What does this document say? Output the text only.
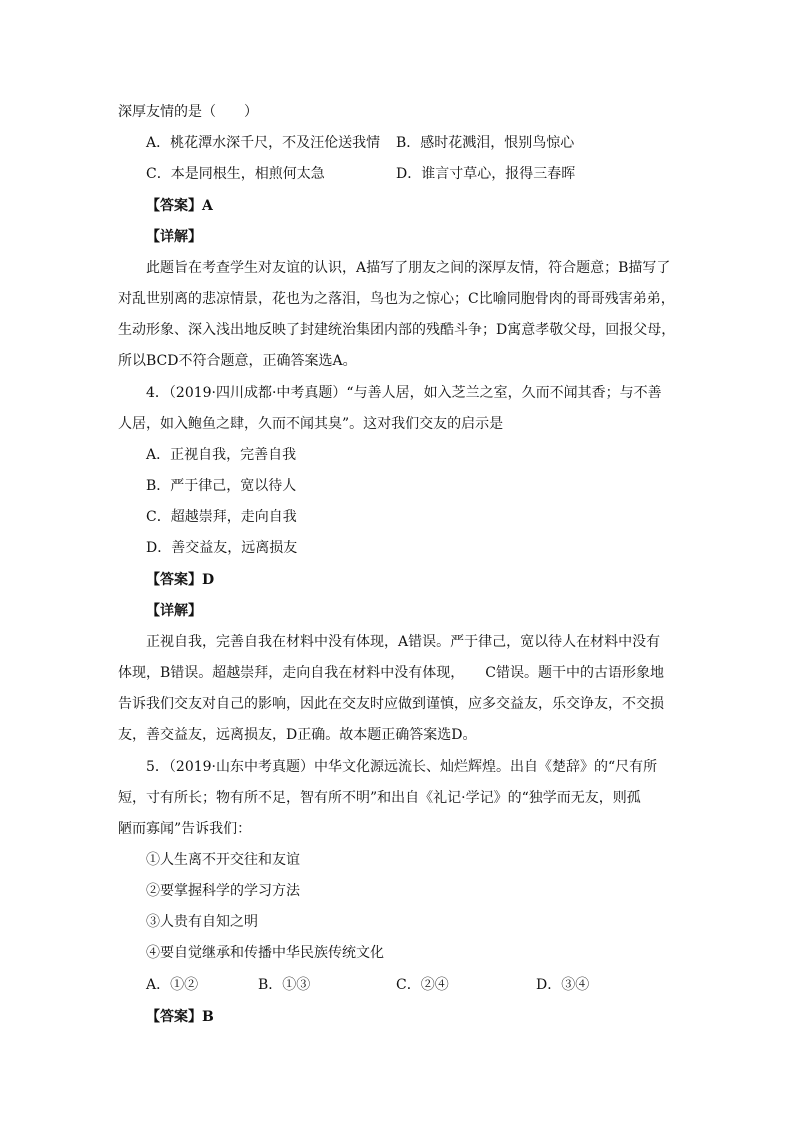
深厚友情的是（　　）
A．桃花潭水深千尺，不及汪伦送我情 B．感时花溅泪，恨别鸟惊心
C．本是同根生，相煎何太急	D．谁言寸草心，报得三春晖
【答案】A
【详解】
此题旨在考查学生对友谊的认识，A描写了朋友之间的深厚友情，符合题意；B描写了
对乱世别离的悲凉情景，花也为之落泪，鸟也为之惊心；C比喻同胞骨肉的哥哥残害弟弟，
生动形象、深入浅出地反映了封建统治集团内部的残酷斗争；D寓意孝敬父母，回报父母，
所以BCD不符合题意，正确答案选A。
4．（2019·四川成都·中考真题）“与善人居，如入芝兰之室，久而不闻其香；与不善
人居，如入鲍鱼之肆，久而不闻其臭”。这对我们交友的启示是
A．正视自我，完善自我
B．严于律己，宽以待人
C．超越崇拜，走向自我
D．善交益友，远离损友
【答案】D
【详解】
正视自我，完善自我在材料中没有体现，A错误。严于律己，宽以待人在材料中没有
体现，B错误。超越崇拜，走向自我在材料中没有体现，　　C错误。题干中的古语形象地
告诉我们交友对自己的影响，因此在交友时应做到谨慎，应多交益友，乐交诤友，不交损
友，善交益友，远离损友，D正确。故本题正确答案选D。
5．（2019·山东中考真题）中华文化源远流长、灿烂辉煌。出自《楚辞》的“尺有所
短，寸有所长；物有所不足，智有所不明”和出自《礼记·学记》的“独学而无友，则孤
陋而寡闻”告诉我们：
①人生离不开交往和友谊
②要掌握科学的学习方法
③人贵有自知之明
④要自觉继承和传播中华民族传统文化
A．①②	B．①③	C．②④	D．③④
【答案】B
